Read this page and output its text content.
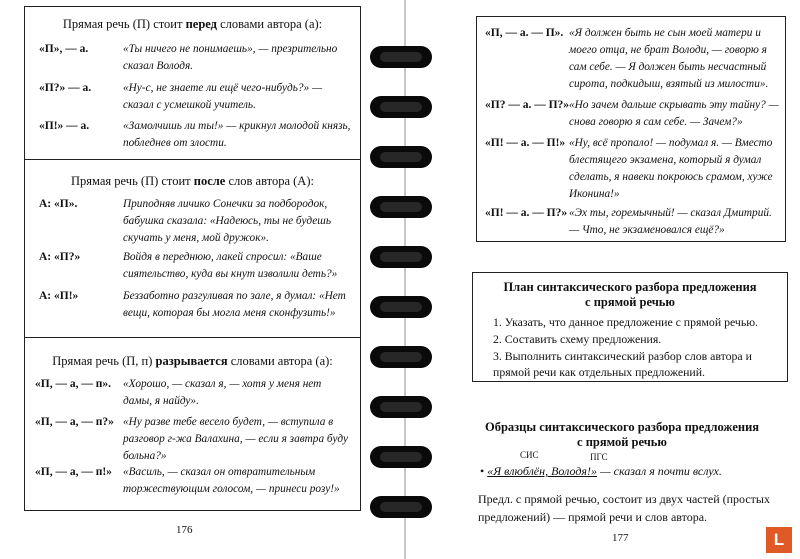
Прямая речь (П) стоит перед словами автора (а):
«П», — а.	«Ты ничего не понимаешь», — презрительно сказал Володя.
«П?» — а.	«Ну-с, не знаете ли ещё чего-нибудь?» — сказал с усмешкой учитель.
«П!» — а.	«Замолчишь ли ты!» — крикнул молодой князь, побледнев от злости.
Прямая речь (П) стоит после слов автора (А):
А: «П».	Приподняв личико Сонечки за подбородок, бабушка сказала: «Надеюсь, ты не будешь скучать у меня, мой дружок».
А: «П?»	Войдя в переднюю, лакей спросил: «Ваше сиятельство, куда вы кнут изволили деть?»
А: «П!»	Беззаботно разгуливая по зале, я думал: «Нет вещи, которая бы могла меня сконфузить!»
Прямая речь (П, п) разрывается словами автора (а):
«П, — а, — п». «Хорошо, — сказал я, — хотя у меня нет дамы, я найду».
«П, — а, — п?» «Ну разве тебе весело будет, — вступила в разговор г-жа Валахина, — если я завтра буду больна?»
«П, — а, — п!» «Василь, — сказал он отвратительным торжествующим голосом, — принеси розу!»
176
«П, — а. — П». «Я должен быть не сын моей матери и моего отца, не брат Володи, — говорю я сам себе. — Я должен быть несчастный сирота, подкидыш, взятый из милости».
«П? — а. — П?» «Но зачем дальше скрывать эту тайну? — снова говорю я сам себе. — Зачем?»
«П! — а. — П!» «Ну, всё пропало! — подумал я. — Вместо блестящего экзамена, который я думал сделать, я навеки покроюсь срамом, хуже Иконина!»
«П! — а. — П?» «Эх ты, горемычный! — сказал Дмитрий. — Что, не экзаменовался ещё?»
План синтаксического разбора предложения
с прямой речью
1. Указать, что данное предложение с прямой речью.
2. Составить схему предложения.
3. Выполнить синтаксический разбор слов автора и прямой речи как отдельных предложений.
Образцы синтаксического разбора предложения
с прямой речью
СИС	ПГС
• «Я влюблён, Володя!» — сказал я почти вслух.
Предл. с прямой речью, состоит из двух частей (простых
предложений) — прямой речи и слов автора.
177	L
